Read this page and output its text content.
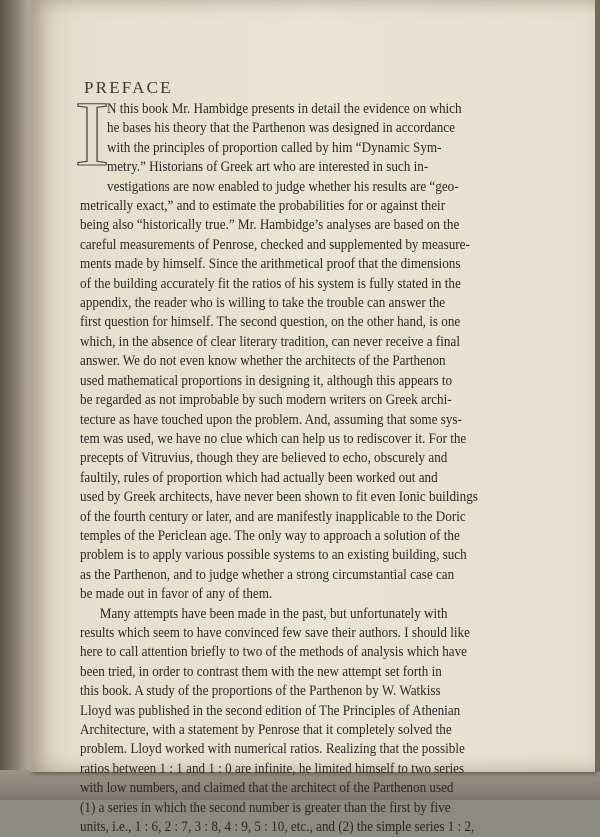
PREFACE
I

N this book Mr. Hambidge presents in detail the evidence on which

he bases his theory that the Parthenon was designed in accordance

with the principles of proportion called by him “Dynamic Sym-

metry.” Historians of Greek art who are interested in such in-

vestigations are now enabled to judge whether his results are “geo-

metrically exact,” and to estimate the probabilities for or against their

being also “historically true.” Mr. Hambidge’s analyses are based on the

careful measurements of Penrose, checked and supplemented by measure-

ments made by himself. Since the arithmetical proof that the dimensions

of the building accurately fit the ratios of his system is fully stated in the

appendix, the reader who is willing to take the trouble can answer the

first question for himself. The second question, on the other hand, is one

which, in the absence of clear literary tradition, can never receive a final

answer. We do not even know whether the architects of the Parthenon

used mathematical proportions in designing it, although this appears to

be regarded as not improbable by such modern writers on Greek archi-

tecture as have touched upon the problem. And, assuming that some sys-

tem was used, we have no clue which can help us to rediscover it. For the

precepts of Vitruvius, though they are believed to echo, obscurely and

faultily, rules of proportion which had actually been worked out and

used by Greek architects, have never been shown to fit even Ionic buildings

of the fourth century or later, and are manifestly inapplicable to the Doric

temples of the Periclean age. The only way to approach a solution of the

problem is to apply various possible systems to an existing building, such

as the Parthenon, and to judge whether a strong circumstantial case can

be made out in favor of any of them.

Many attempts have been made in the past, but unfortunately with

results which seem to have convinced few save their authors. I should like

here to call attention briefly to two of the methods of analysis which have

been tried, in order to contrast them with the new attempt set forth in

this book. A study of the proportions of the Parthenon by W. Watkiss

Lloyd was published in the second edition of The Principles of Athenian

Architecture, with a statement by Penrose that it completely solved the

problem. Lloyd worked with numerical ratios. Realizing that the possible

ratios between 1 : 1 and 1 : 0 are infinite, he limited himself to two series

with low numbers, and claimed that the architect of the Parthenon used

(1) a series in which the second number is greater than the first by five

units, i.e., 1 : 6, 2 : 7, 3 : 8, 4 : 9, 5 : 10, etc., and (2) the simple series 1 : 2,
